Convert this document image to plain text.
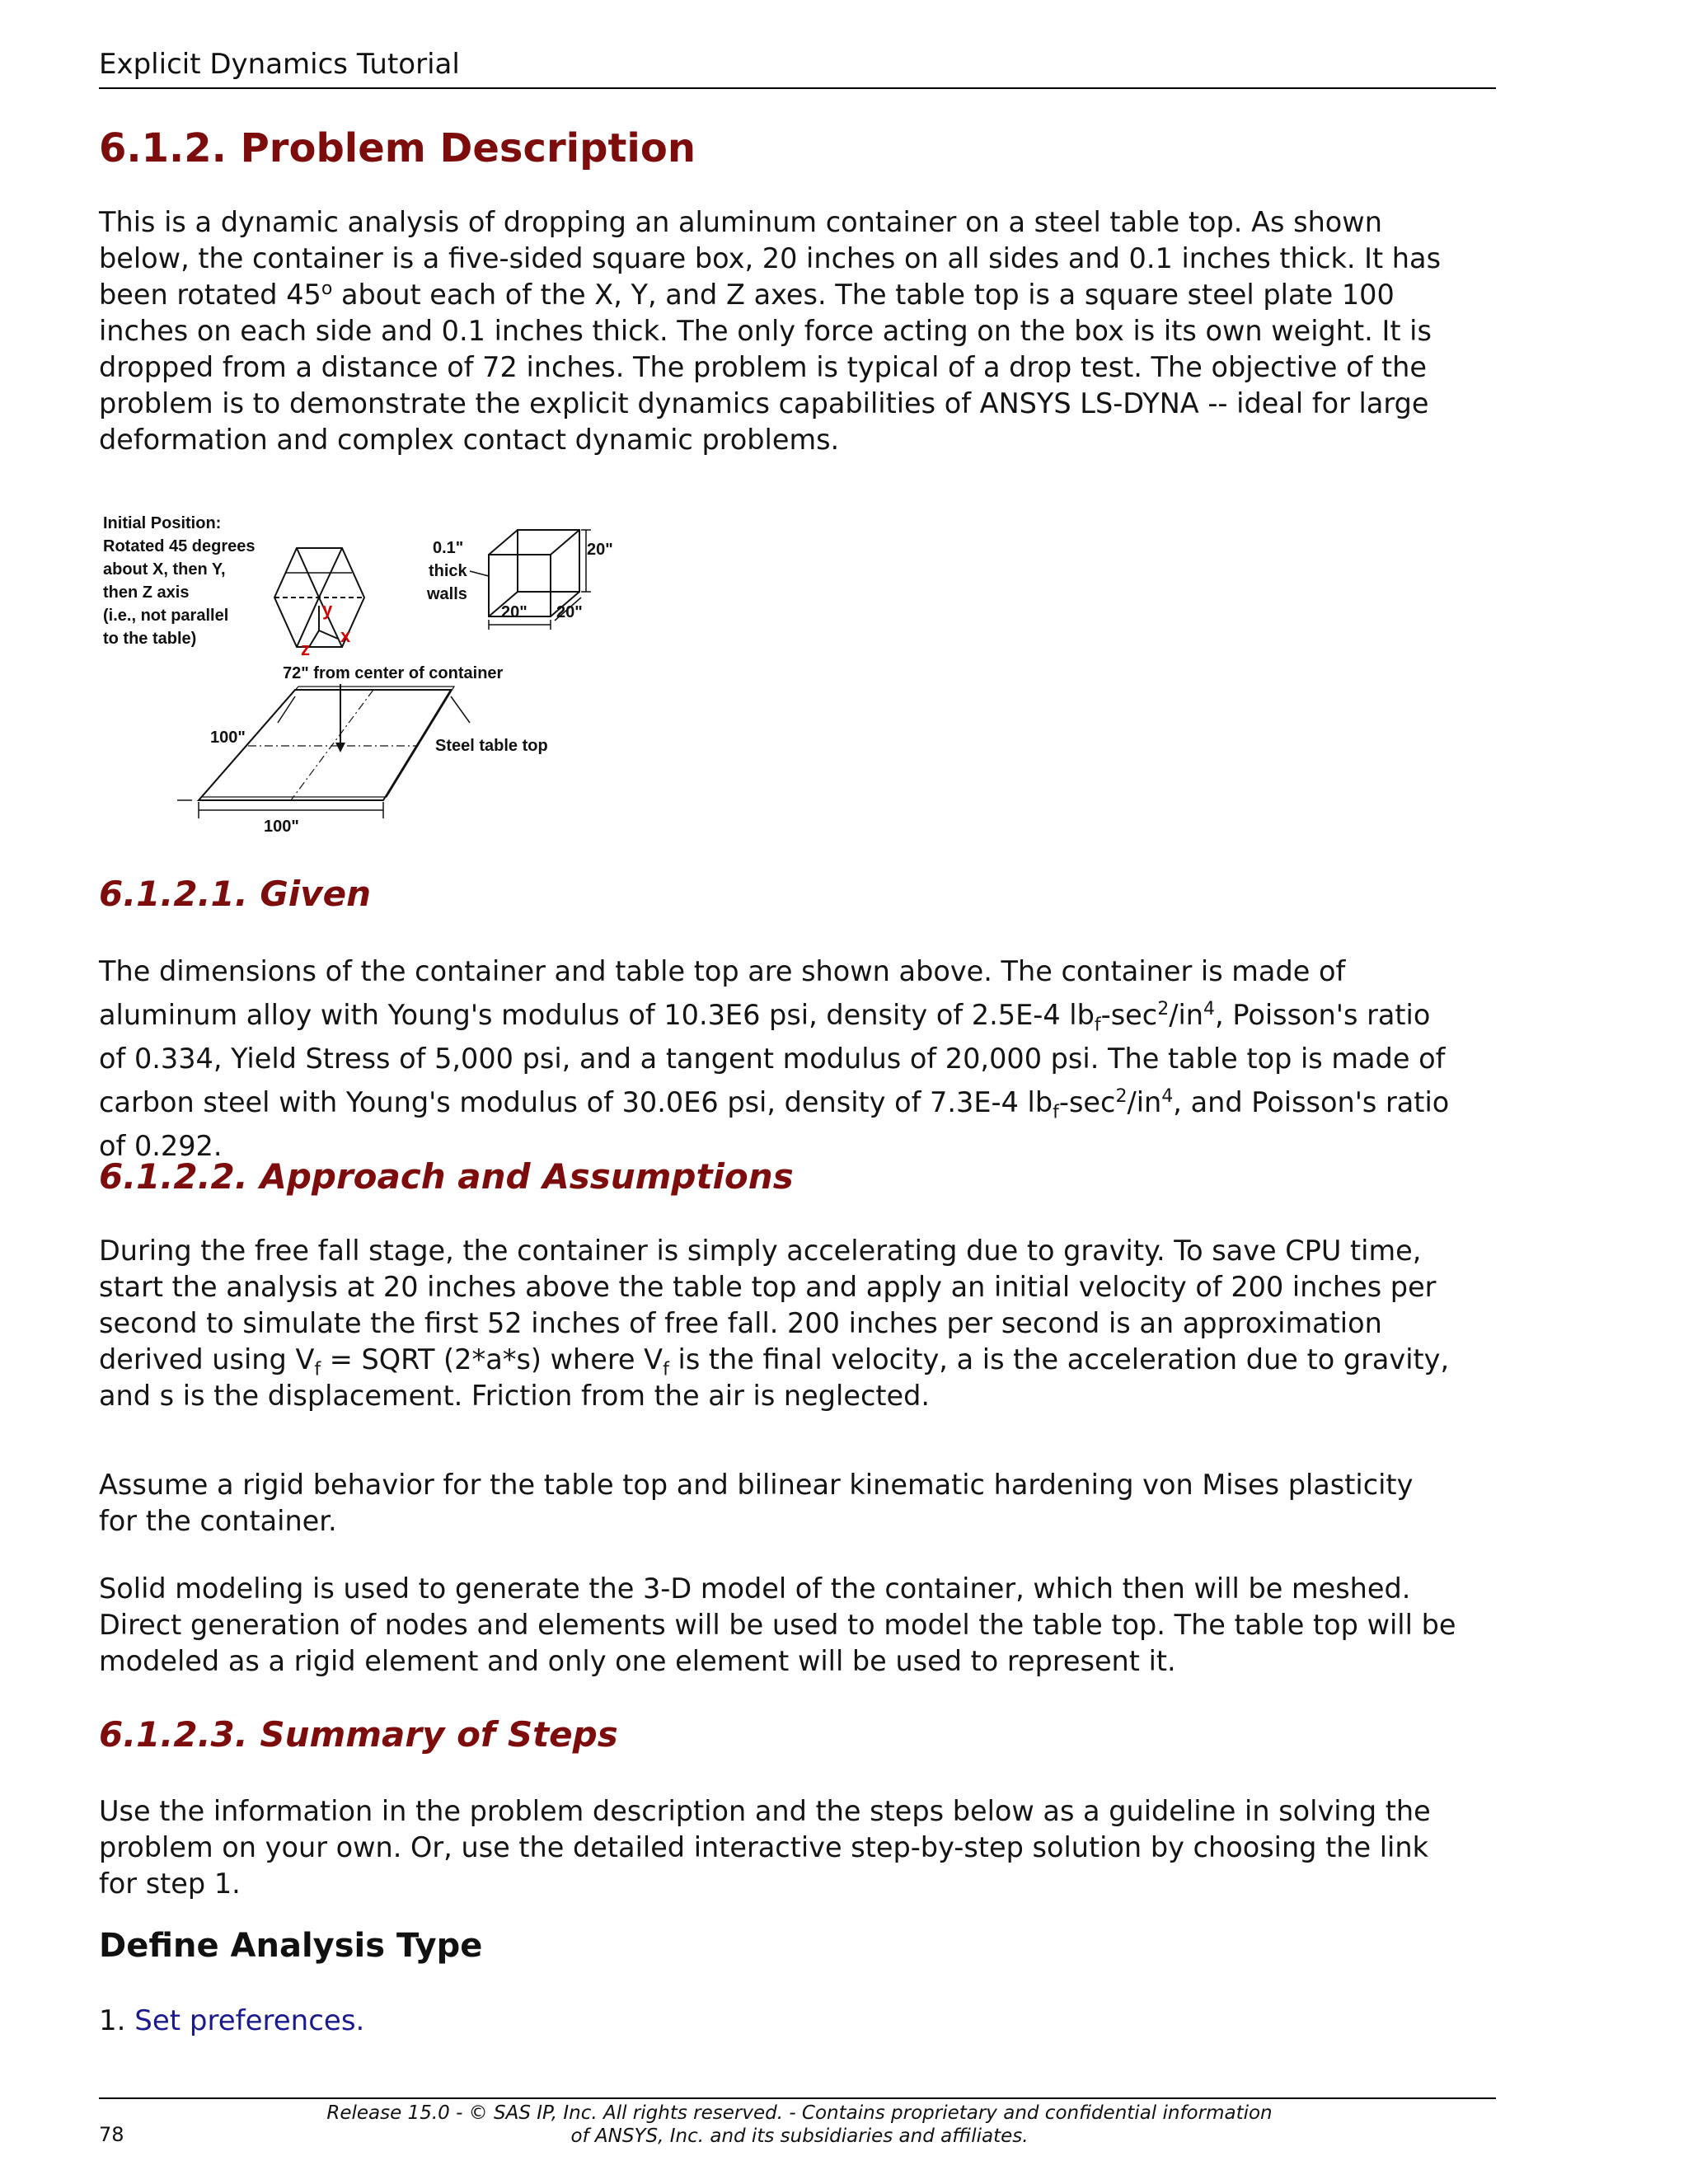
Explicit Dynamics Tutorial
6.1.2. Problem Description

This is a dynamic analysis of dropping an aluminum container on a steel table top. As shown below, the container is a five-sided square box, 20 inches on all sides and 0.1 inches thick. It has been rotated 45$^o$ about each of the X, Y, and Z axes. The table top is a square steel plate 100 inches on each side and 0.1 inches thick. The only force acting on the box is its own weight. It is dropped from a distance of 72 inches. The problem is typical of a drop test. The objective of the problem is to demonstrate the explicit dynamics capabilities of ANSYS LS-DYNA -- ideal for large deformation and complex contact dynamic problems.

Initial Position:
Rotated 45 degrees
about X, then Y,
then Z axis
(i.e., not parallel
to the table)
y
x
z
0.1"
thick
walls
20"
20" 20"
72" from center of container
100"
100"
Steel table top
6.1.2.1. Given

The dimensions of the container and table top are shown above. The container is made of aluminum alloy with Young's modulus of 10.3E6 psi, density of 2.5E-4 $lb_f-\sec^2/in^4$, Poisson's ratio of 0.334, Yield Stress of 5,000 psi, and a tangent modulus of 20,000 psi. The table top is made of carbon steel with Young's modulus of 30.0E6 psi, density of 7.3E-4 $lb_f-\sec^2/in^4$, and Poisson's ratio of 0.292.

6.1.2.2. Approach and Assumptions

During the free fall stage, the container is simply accelerating due to gravity. To save CPU time, start the analysis at 20 inches above the table top and apply an initial velocity of 200 inches per second to simulate the first 52 inches of free fall. 200 inches per second is an approximation derived using $V_f$ = SQRT (2*a*s) where $V_f$ is the final velocity, a is the acceleration due to gravity, and s is the displacement. Friction from the air is neglected.

Assume a rigid behavior for the table top and bilinear kinematic hardening von Mises plasticity for the container.

Solid modeling is used to generate the 3-D model of the container, which then will be meshed. Direct generation of nodes and elements will be used to model the table top. The table top will be modeled as a rigid element and only one element will be used to represent it.

6.1.2.3. Summary of Steps

Use the information in the problem description and the steps below as a guideline in solving the problem on your own. Or, use the detailed interactive step-by-step solution by choosing the link for step 1.

Define Analysis Type
1. Set preferences.
78
Release 15.0 - © SAS IP, Inc. All rights reserved. - Contains proprietary and confidential information
of ANSYS, Inc. and its subsidiaries and affiliates.
